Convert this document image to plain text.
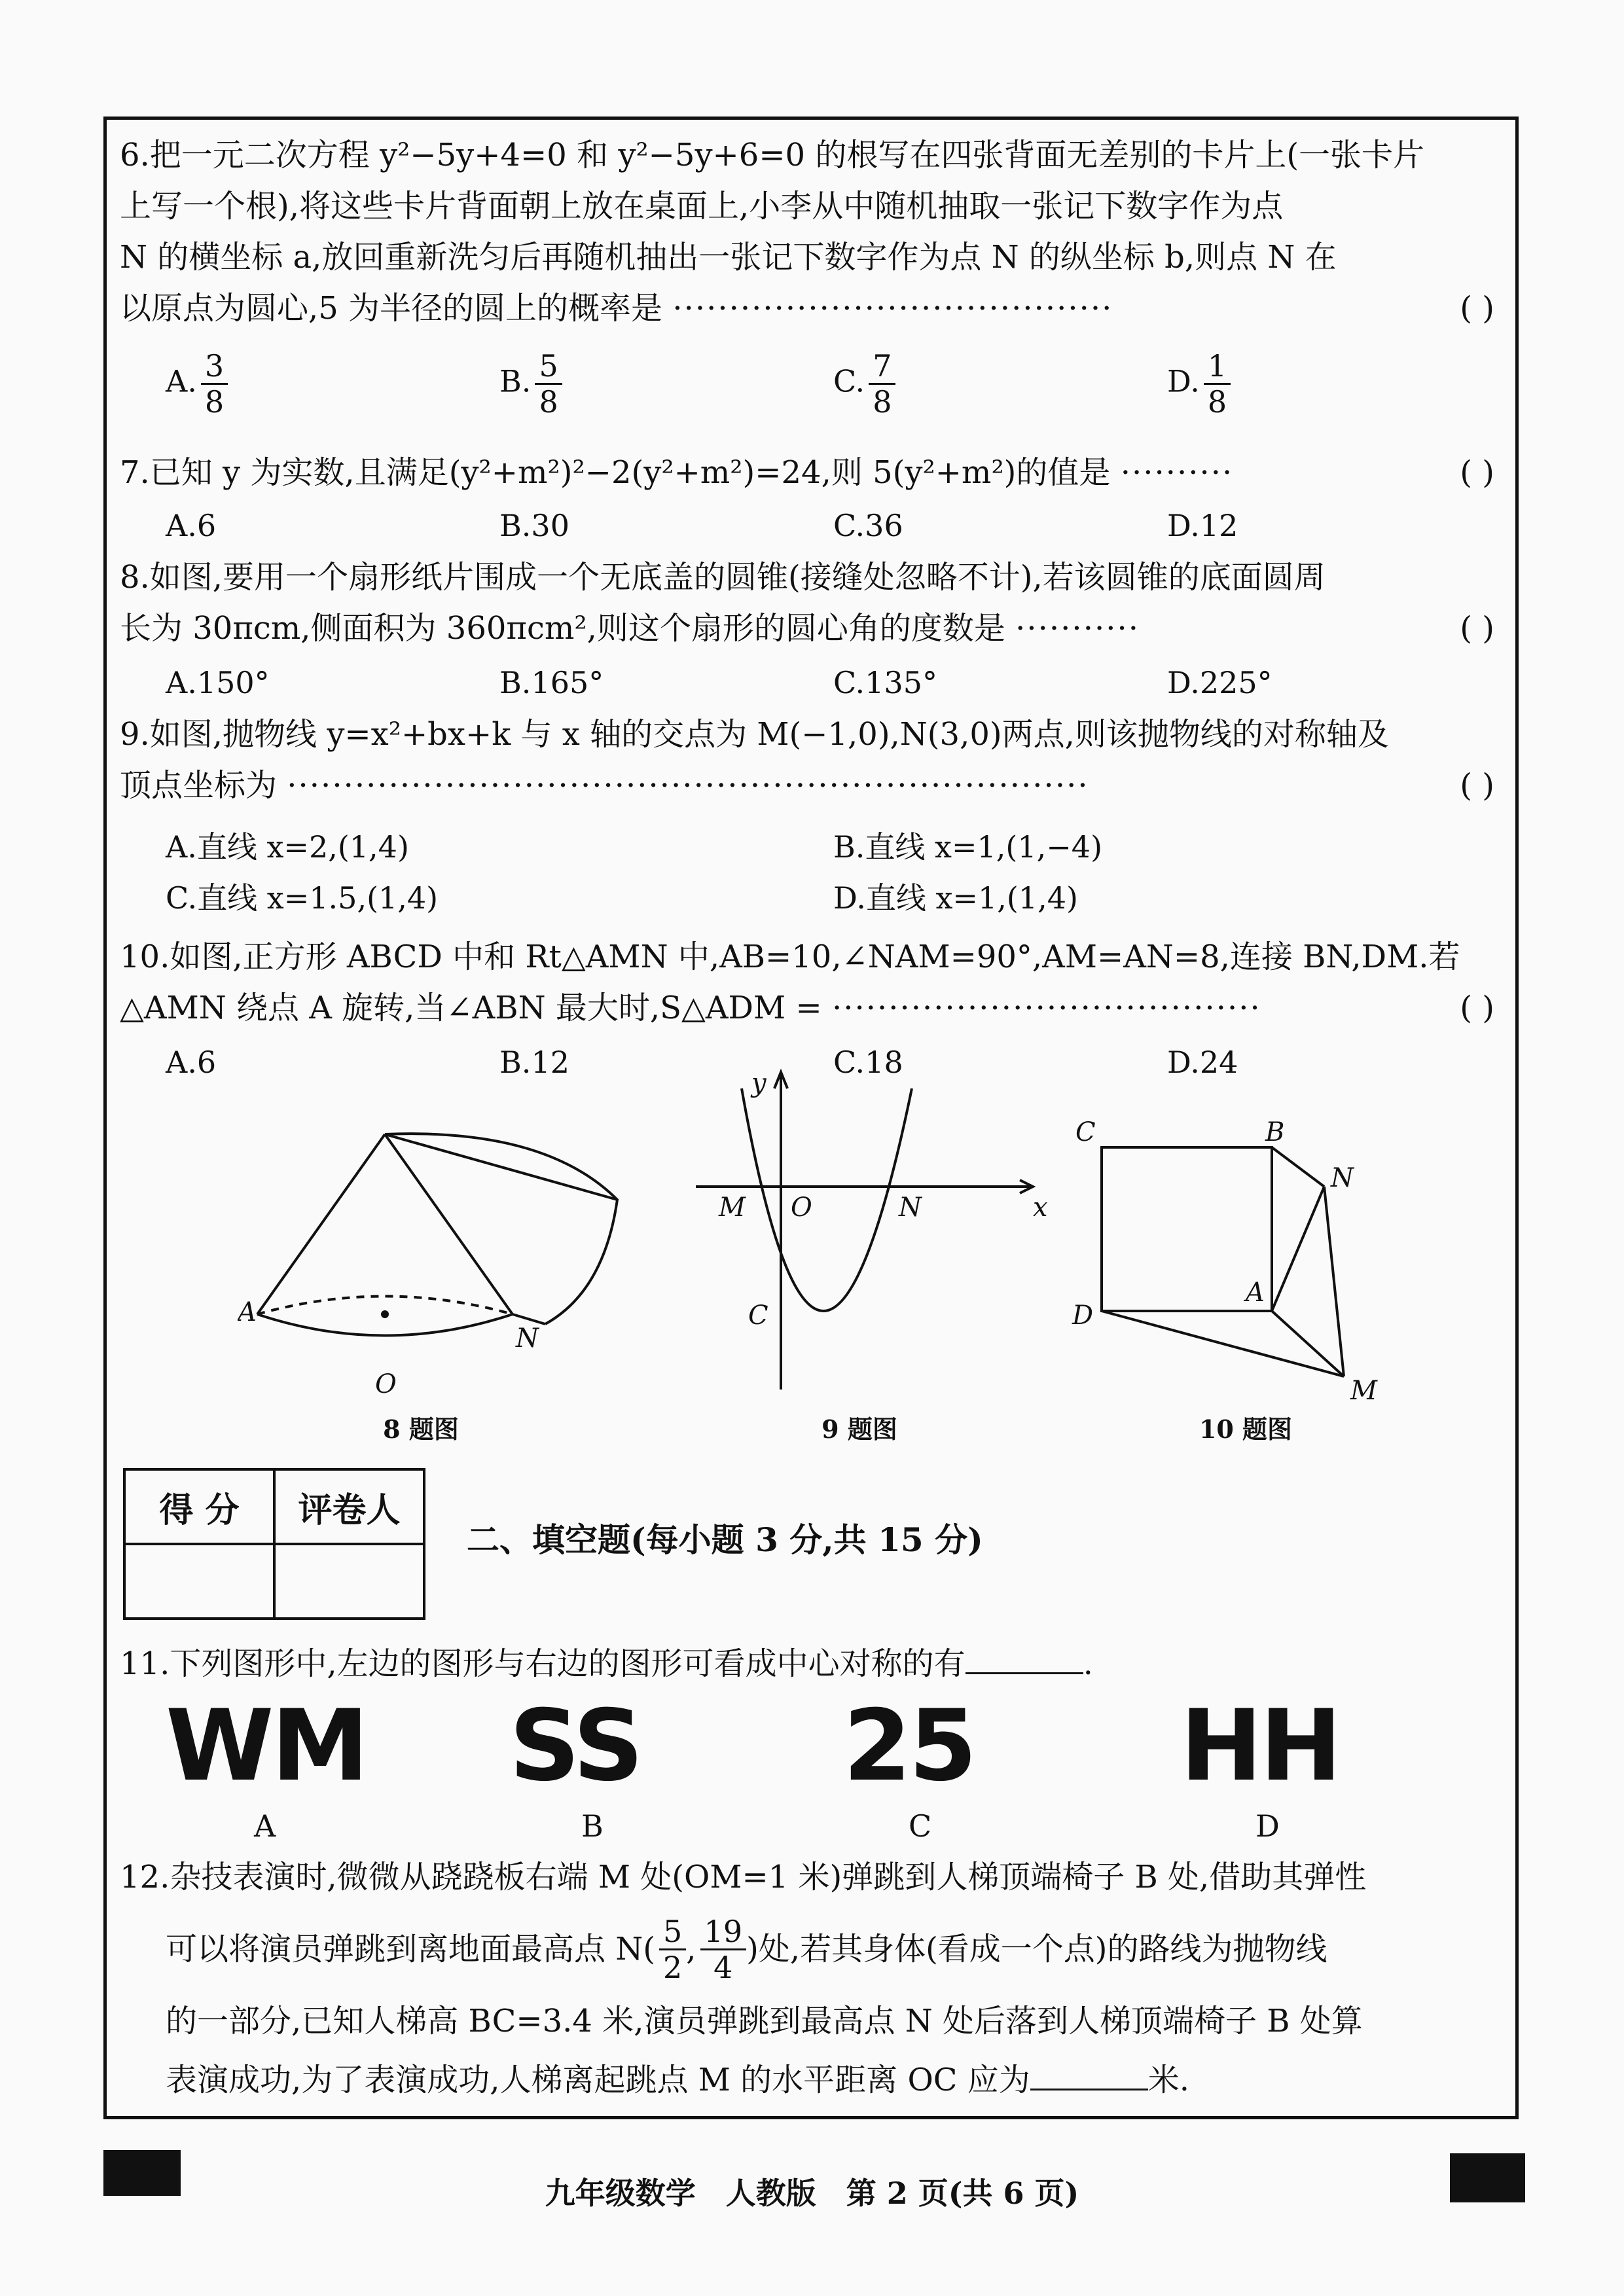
6.把一元二次方程 y²−5y+4=0 和 y²−5y+6=0 的根写在四张背面无差别的卡片上(一张卡片
上写一个根),将这些卡片背面朝上放在桌面上,小李从中随机抽取一张记下数字作为点
N 的横坐标 a,放回重新洗匀后再随机抽出一张记下数字作为点 N 的纵坐标 b,则点 N 在
以原点为圆心,5 为半径的圆上的概率是 ·······································	( )
A. $\frac{3}{8}$	B. $\frac{5}{8}$	C. $\frac{7}{8}$	D. $\frac{1}{8}$
7.已知 y 为实数,且满足(y²+m²)²−2(y²+m²)=24,则 5(y²+m²)的值是 ··········	( )
A.6	B.30	C.36	D.12
8.如图,要用一个扇形纸片围成一个无底盖的圆锥(接缝处忽略不计),若该圆锥的底面圆周
长为 30πcm,侧面积为 360πcm²,则这个扇形的圆心角的度数是 ···········	( )
A.150°	B.165°	C.135°	D.225°
9.如图,抛物线 y=x²+bx+k 与 x 轴的交点为 M(−1,0),N(3,0)两点,则该抛物线的对称轴及
顶点坐标为 ·······································································	( )
A.直线 x=2,(1,4)	B.直线 x=1,(1,−4)
C.直线 x=1.5,(1,4)	D.直线 x=1,(1,4)
10.如图,正方形 ABCD 中和 Rt△AMN 中,AB=10,∠NAM=90°,AM=AN=8,连接 BN,DM.若
△AMN 绕点 A 旋转,当∠ABN 最大时,S△ADM = ······································	( )
A.6	B.12	C.18	D.24
A
N
O
8 题图
y
x
M O	N
C
9 题图
C	B
N
A
D
M
10 题图
得 分	评卷人

二、填空题(每小题 3 分,共 15 分)
11.下列图形中,左边的图形与右边的图形可看成中心对称的有	.
WM SS 25 HH
A	B	C	D
12.杂技表演时,微微从跷跷板右端 M 处(OM=1 米)弹跳到人梯顶端椅子 B 处,借助其弹性
可以将演员弹跳到离地面最高点 $N( \frac{5}{2}$ , $\frac{19}{4}$ )处,若其身体(看成一个点)的路线为抛物线
的一部分,已知人梯高 BC=3.4 米,演员弹跳到最高点 N 处后落到人梯顶端椅子 B 处算
表演成功,为了表演成功,人梯离起跳点 M 的水平距离 OC 应为	米.
九年级数学　人教版　第 2 页(共 6 页)
